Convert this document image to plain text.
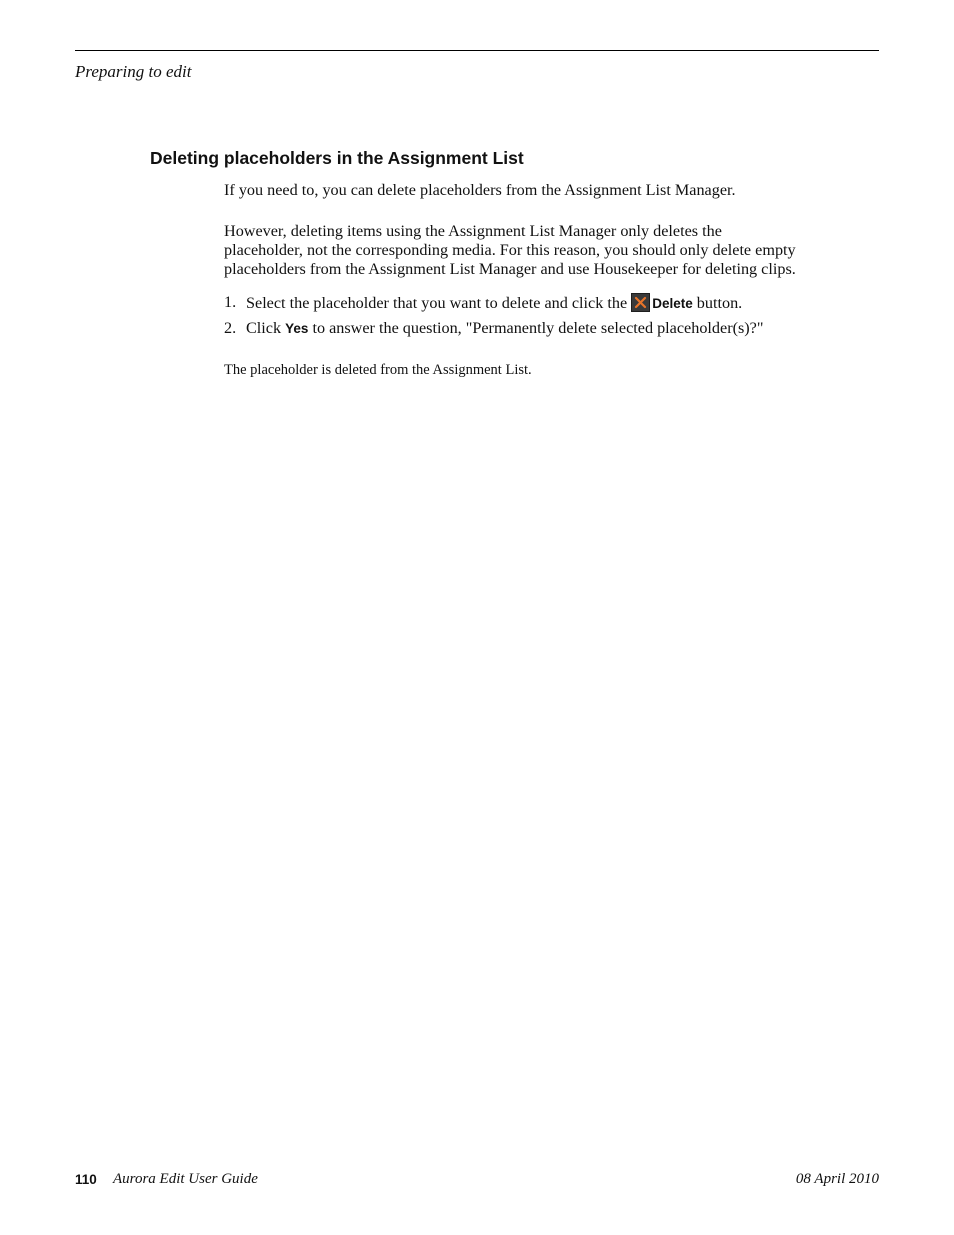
Preparing to edit
Deleting placeholders in the Assignment List

If you need to, you can delete placeholders from the Assignment List Manager.

However, deleting items using the Assignment List Manager only deletes the placeholder, not the corresponding media. For this reason, you should only delete empty placeholders from the Assignment List Manager and use Housekeeper for deleting clips.

1. Select the placeholder that you want to delete and click the Delete button.
2. Click Yes to answer the question, "Permanently delete selected placeholder(s)?"

The placeholder is deleted from the Assignment List.

110 Aurora Edit User Guide	08 April 2010
